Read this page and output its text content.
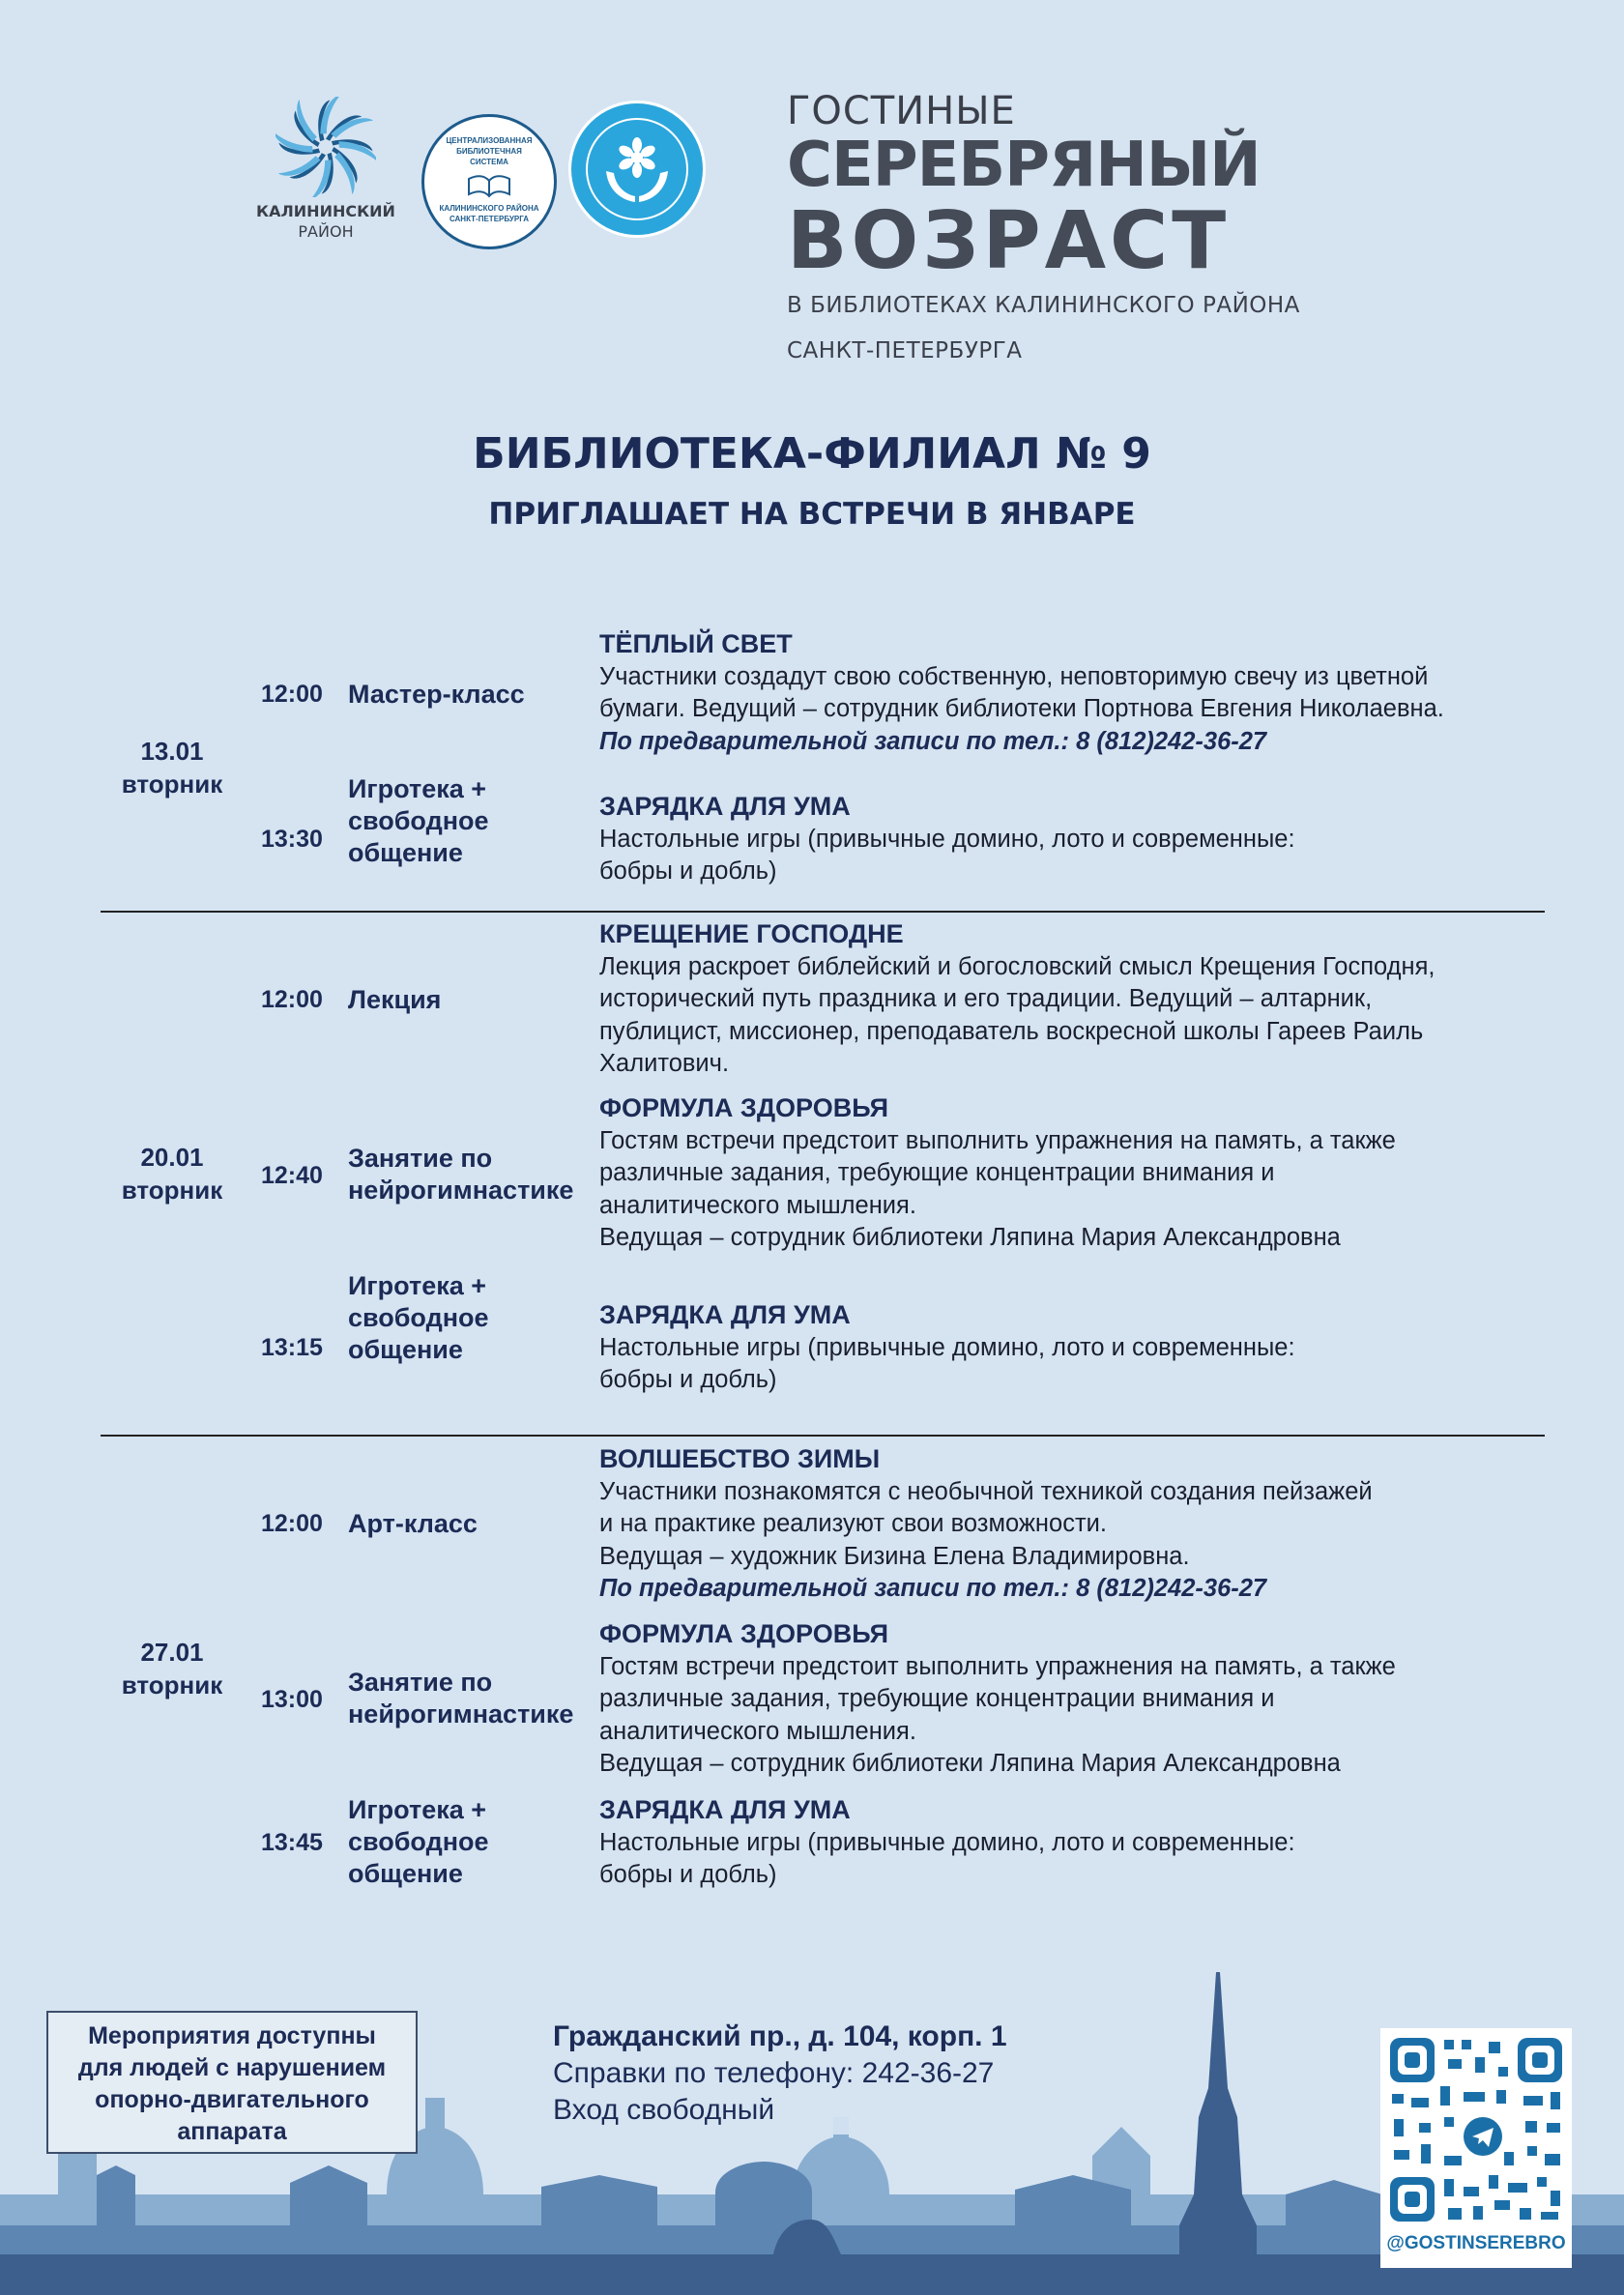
КАЛИНИНСКИЙ
РАЙОН
ЦЕНТРАЛИЗОВАННАЯ
БИБЛИОТЕЧНАЯ
СИСТЕМА
КАЛИНИНСКОГО РАЙОНА
САНКТ-ПЕТЕРБУРГА
ГОСТИНЫЕ
СЕРЕБРЯНЫЙ
ВОЗРАСТ
В БИБЛИОТЕКАХ КАЛИНИНСКОГО РАЙОНА
САНКТ-ПЕТЕРБУРГА
БИБЛИОТЕКА-ФИЛИАЛ № 9
ПРИГЛАШАЕТ НА ВСТРЕЧИ В ЯНВАРЕ
13.01
вторник
12:00 Мастер-класс
ТЁПЛЫЙ СВЕТ
Участники создадут свою собственную, неповторимую свечу из цветной
бумаги. Ведущий – сотрудник библиотеки Портнова Евгения Николаевна.
По предварительной записи по тел.: 8 (812)242-36-27
13:30
Игротека +
свободное
общение
ЗАРЯДКА ДЛЯ УМА
Настольные игры (привычные домино, лото и современные:
бобры и добль)
20.01
вторник
12:00 Лекция
КРЕЩЕНИЕ ГОСПОДНЕ
Лекция раскроет библейский и богословский смысл Крещения Господня,
исторический путь праздника и его традиции. Ведущий – алтарник,
публицист, миссионер, преподаватель воскресной школы Гареев Раиль
Халитович.
12:40
Занятие по
нейрогимнастике
ФОРМУЛА ЗДОРОВЬЯ
Гостям встречи предстоит выполнить упражнения на память, а также
различные задания, требующие концентрации внимания и
аналитического мышления.
Ведущая – сотрудник библиотеки Ляпина Мария Александровна
13:15
Игротека +
свободное
общение
ЗАРЯДКА ДЛЯ УМА
Настольные игры (привычные домино, лото и современные:
бобры и добль)
27.01
вторник
12:00 Арт-класс
ВОЛШЕБСТВО ЗИМЫ
Участники познакомятся с необычной техникой создания пейзажей
и на практике реализуют свои возможности.
Ведущая – художник Бизина Елена Владимировна.
По предварительной записи по тел.: 8 (812)242-36-27
13:00
Занятие по
нейрогимнастике
ФОРМУЛА ЗДОРОВЬЯ
Гостям встречи предстоит выполнить упражнения на память, а также
различные задания, требующие концентрации внимания и
аналитического мышления.
Ведущая – сотрудник библиотеки Ляпина Мария Александровна
13:45
Игротека +
свободное
общение
ЗАРЯДКА ДЛЯ УМА
Настольные игры (привычные домино, лото и современные:
бобры и добль)
Мероприятия доступны
для людей с нарушением
опорно-двигательного
аппарата
Гражданский пр., д. 104, корп. 1
Справки по телефону: 242-36-27
Вход свободный
@GOSTINSEREBRO
